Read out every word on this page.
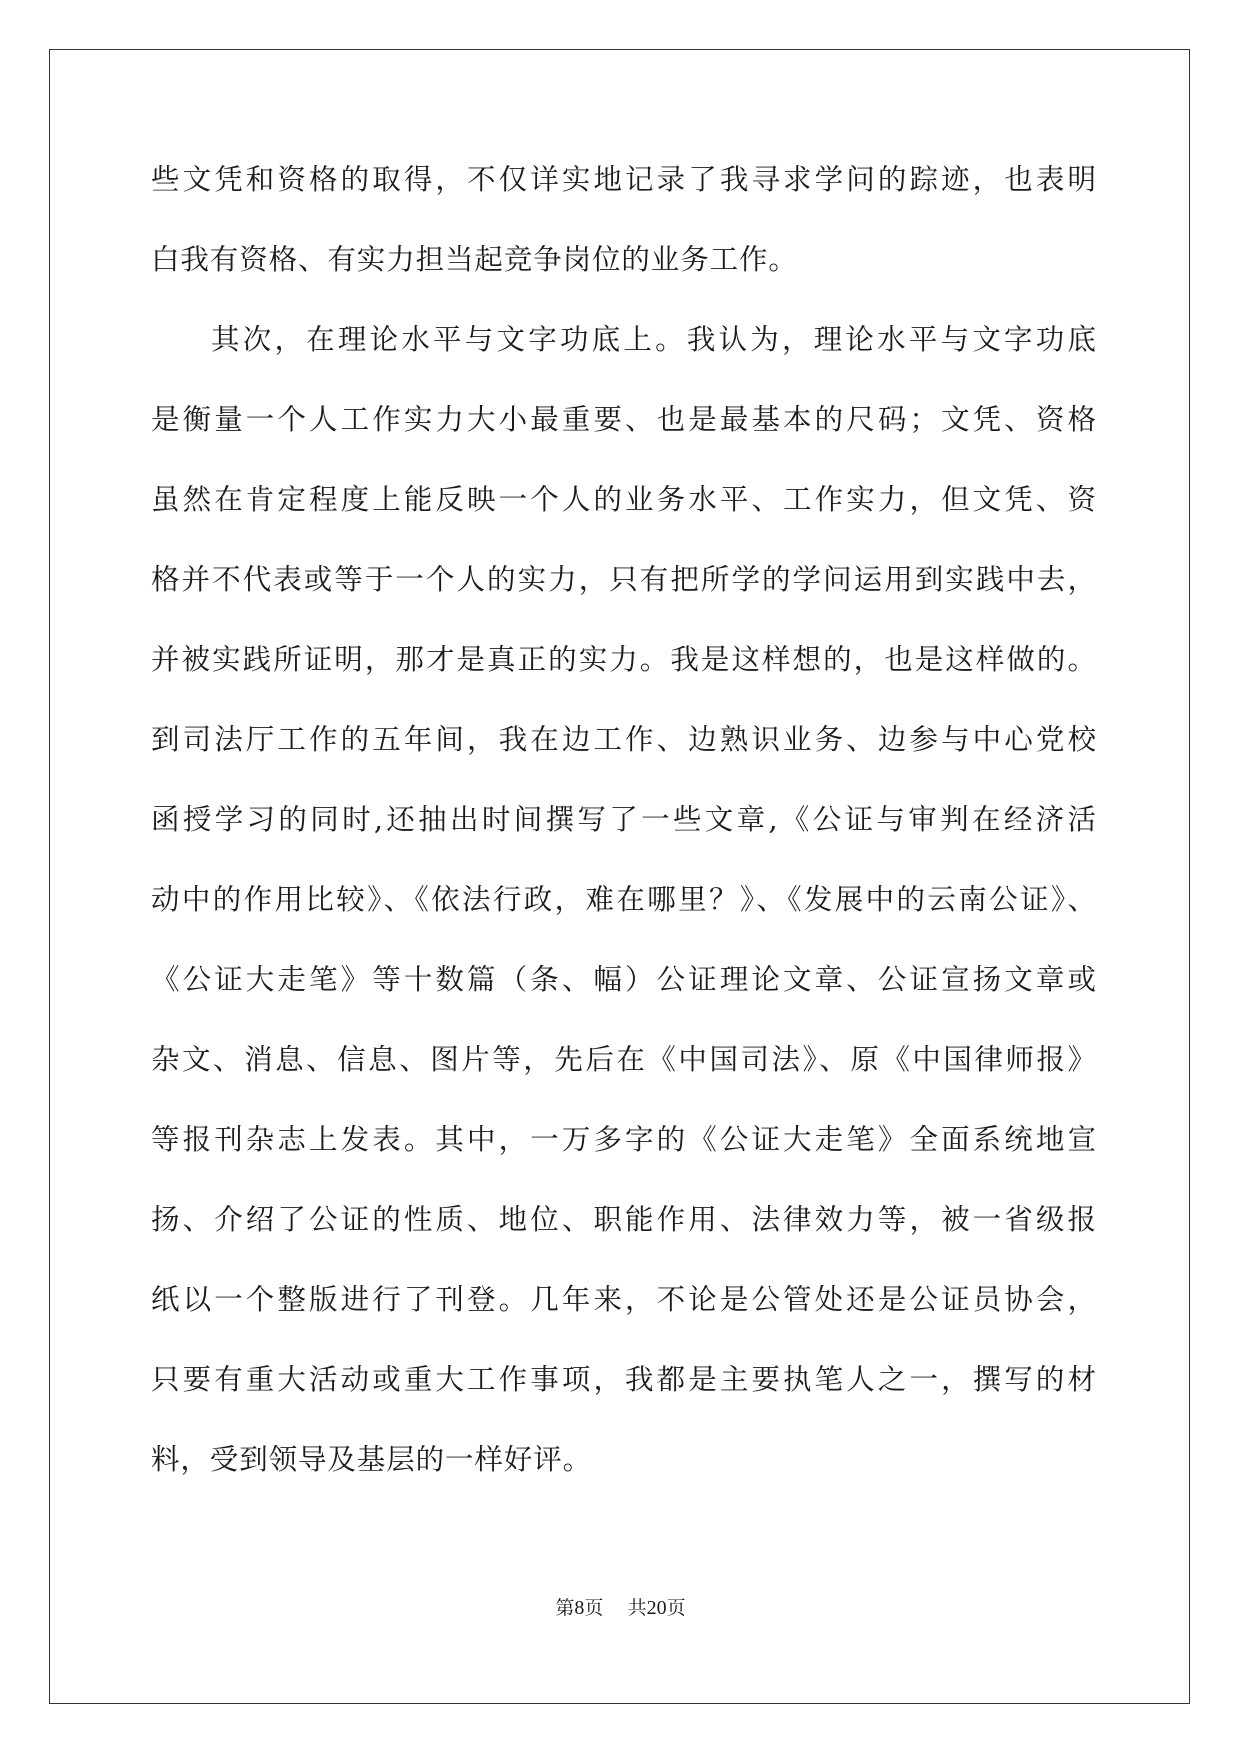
些文凭和资格的取得，不仅详实地记录了我寻求学问的踪迹，也表明
白我有资格、有实力担当起竞争岗位的业务工作。
其次，在理论水平与文字功底上。我认为，理论水平与文字功底
是衡量一个人工作实力大小最重要、也是最基本的尺码；文凭、资格
虽然在肯定程度上能反映一个人的业务水平、工作实力，但文凭、资
格并不代表或等于一个人的实力，只有把所学的学问运用到实践中去，
并被实践所证明，那才是真正的实力。我是这样想的，也是这样做的。
到司法厅工作的五年间，我在边工作、边熟识业务、边参与中心党校
函授学习的同时,还抽出时间撰写了一些文章,《公证与审判在经济活
动中的作用比较》、《依法行政，难在哪里？》、《发展中的云南公证》、
《公证大走笔》等十数篇（条、幅）公证理论文章、公证宣扬文章或
杂文、消息、信息、图片等，先后在《中国司法》、原《中国律师报》
等报刊杂志上发表。其中，一万多字的《公证大走笔》全面系统地宣
扬、介绍了公证的性质、地位、职能作用、法律效力等，被一省级报
纸以一个整版进行了刊登。几年来，不论是公管处还是公证员协会，
只要有重大活动或重大工作事项，我都是主要执笔人之一，撰写的材
料，受到领导及基层的一样好评。
第8页 共20页
